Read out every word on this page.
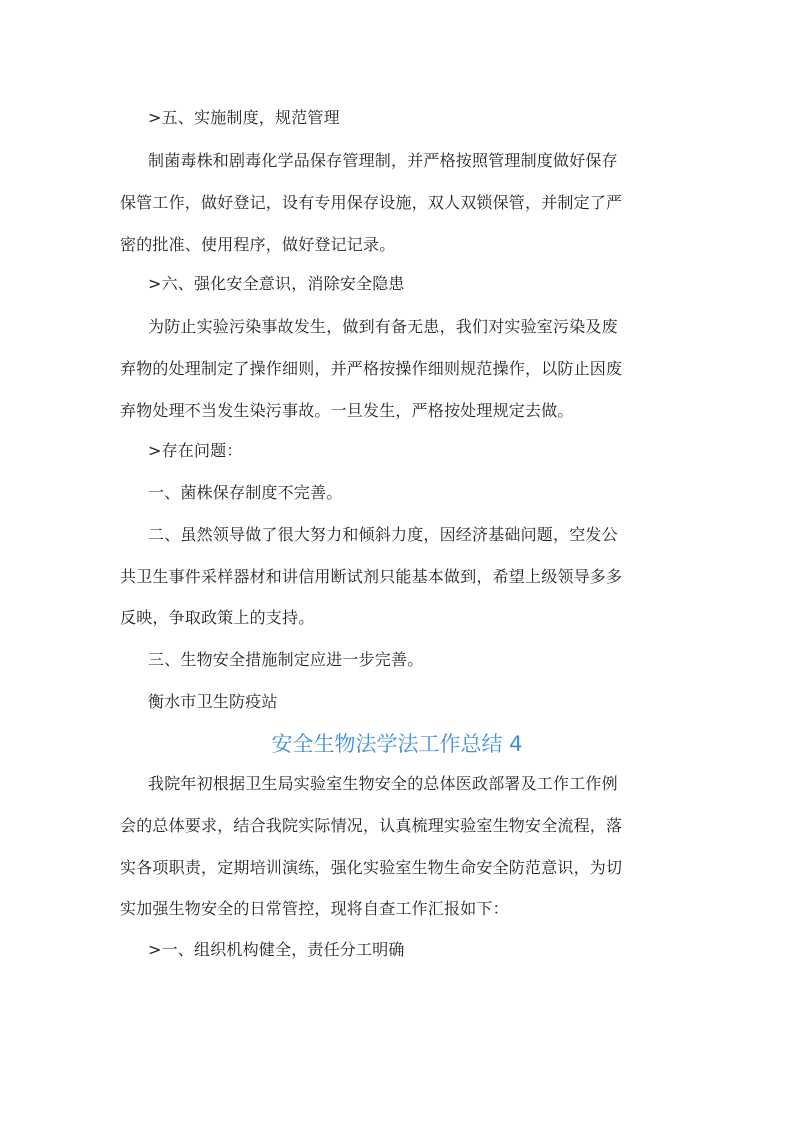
>五、实施制度，规范管理
制菌毒株和剧毒化学品保存管理制，并严格按照管理制度做好保存
保管工作，做好登记，设有专用保存设施，双人双锁保管，并制定了严
密的批准、使用程序，做好登记记录。
>六、强化安全意识，消除安全隐患
为防止实验污染事故发生，做到有备无患，我们对实验室污染及废
弃物的处理制定了操作细则，并严格按操作细则规范操作，以防止因废
弃物处理不当发生染污事故。一旦发生，严格按处理规定去做。
>存在问题：
一、菌株保存制度不完善。
二、虽然领导做了很大努力和倾斜力度，因经济基础问题，空发公
共卫生事件采样器材和讲信用断试剂只能基本做到，希望上级领导多多
反映，争取政策上的支持。
三、生物安全措施制定应进一步完善。
衡水市卫生防疫站
安全生物法学法工作总结 4
我院年初根据卫生局实验室生物安全的总体医政部署及工作工作例
会的总体要求，结合我院实际情况，认真梳理实验室生物安全流程，落
实各项职责，定期培训演练，强化实验室生物生命安全防范意识，为切
实加强生物安全的日常管控，现将自查工作汇报如下：
>一、组织机构健全，责任分工明确
